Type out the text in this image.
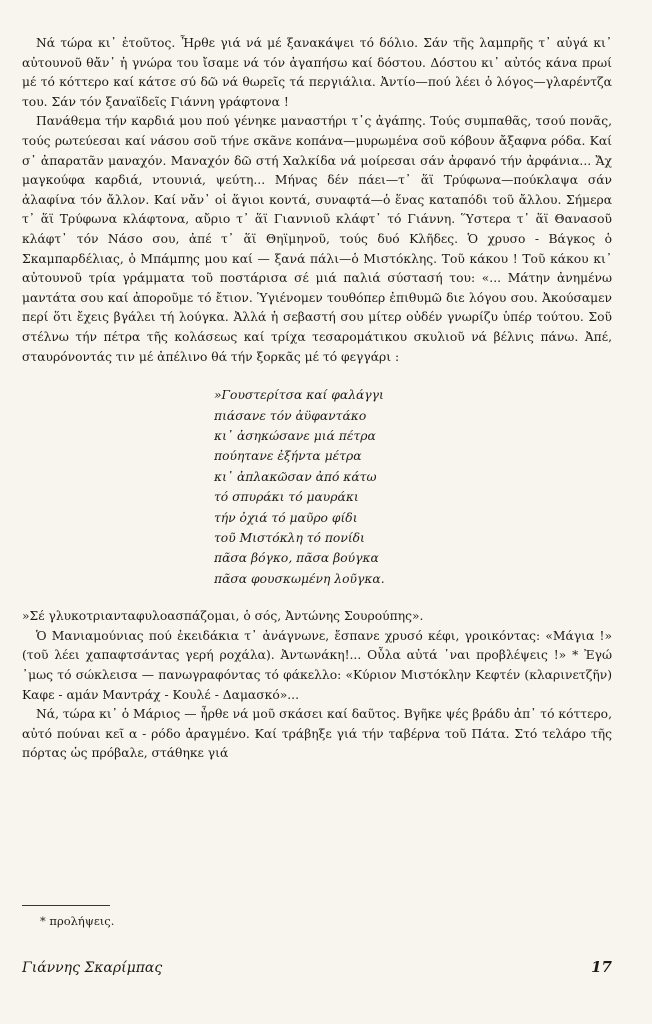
Νά τώρα κι᾿ ἐτοῦτος. Ἦρθε γιά νά μέ ξανακάψει τό δόλιο. Σάν τῆς λαμπρῆς τ᾿ αὐγά κι᾿ αὐτουνοῦ θἄν᾿ ἡ γνώρα του ἴσαμε νά τόν ἀγαπήσω καί δόστου. Δόστου κι᾿ αὐτός κάνα πρωί μέ τό κόττερο καί κάτσε σύ δῶ νά θωρεῖς τά περγιάλια. Ἀντίο—πού λέει ὁ λόγος—γλαρέντζα του. Σάν τόν ξαναϊδεῖς Γιάννη γράφτονα !

Πανάθεμα τήν καρδιά μου πού γένηκε μαναστήρι τ᾿ς ἀγάπης. Τούς συμπαθᾶς, τσού πονᾶς, τούς ρωτεύεσαι καί νάσου σοῦ τήνε σκᾶνε κοπάνα—μυρωμένα σοῦ κόβουν ἄξαφνα ρόδα. Καί σ᾿ ἀπαρατᾶν μαναχόν. Μαναχόν δῶ στή Χαλκίδα νά μοίρεσαι σάν ἀρφανό τήν ἀρφάνια... Ἄχ μαγκούφα καρδιά, ντουνιά, ψεύτη... Μήνας δέν πάει—τ᾿ ἅϊ Τρύφωνα—πούκλαψα σάν ἀλαφίνα τόν ἄλλον. Καί νἄν᾿ οἱ ἅγιοι κοντά, συναφτά—ὁ ἕνας καταπόδι τοῦ ἄλλου. Σήμερα τ᾿ ἅϊ Τρύφωνα κλάφτονα, αὔριο τ᾿ ἅϊ Γιαννιοῦ κλάφτ᾿ τό Γιάννη. Ὕστερα τ᾿ ἅϊ Θανασοῦ κλάφτ᾿ τόν Νάσο σου, ἀπέ τ᾿ ἅϊ Θηϊμηνοῦ, τούς δυό Κλῆδες. Ὁ χρυσο - Βάγκος ὁ Σκαμπαρδέλιας, ὁ Μπάμπης μου καί — ξανά πάλι—ὁ Μιστόκλης. Τοῦ κάκου ! Τοῦ κάκου κι᾿ αὐτουνοῦ τρία γράμματα τοῦ ποστάρισα σέ μιά παλιά σύστασή του: «... Μάτην ἀνημένω μαντάτα σου καί ἀποροῦμε τό ἔτιον. Ὑγιένομεν τουθόπερ ἐπιθυμῶ διε λόγου σου. Ἀκούσαμεν περί ὅτι ἔχεις βγάλει τή λούγκα. Ἀλλά ἡ σεβαστή σου μίτερ οὐδέν γνωρίζυ ὑπέρ τούτου. Σοῦ στέλνω τήν πέτρα τῆς κολάσεως καί τρίχα τεσαρομάτικου σκυλιοῦ νά βέλνις πάνω. Ἀπέ, σταυρόνοντάς τιν μέ ἀπέλινο θά τήν ξορκᾶς μέ τό φεγγάρι :

»Γουστερίτσα καί φαλάγγι
πιάσανε τόν ἀϋφαντάκο
κι᾿ ἀσηκώσανε μιά πέτρα
πούητανε ἐξήντα μέτρα
κι᾿ ἀπλακῶσαν ἀπό κάτω
τό σπυράκι τό μαυράκι
τήν ὀχιά τό μαῦρο φίδι
τοῦ Μιστόκλη τό πονίδι
πᾶσα βόγκο, πᾶσα βούγκα
πᾶσα φουσκωμένη λοῦγκα.

»Σέ γλυκοτριανταφυλοασπάζομαι, ὁ σός, Ἀντώνης Σουρούπης».

Ὁ Μανιαμούνιας πού ἐκειδάκια τ᾿ ἀνάγνωνε, ἔσπανε χρυσό κέφι, γροικόντας: «Μάγια !» (τοῦ λέει χαπαφτσάντας γερή ροχάλα). Ἀντωνάκη!... Οὖλα αὐτά ᾿ναι προβλέψεις !» * Ἐγώ ᾿μως τό σώκλεισα — πανωγραφόντας τό φάκελλο: «Κύριον Μιστόκλην Κεφτέν (κλαρινετζῆν) Καφε - αμάν Μαντράχ - Κουλέ - Δαμασκό»...

Νά, τώρα κι᾿ ὁ Μάριος — ἦρθε νά μοῦ σκάσει καί δαῦτος. Βγῆκε ψές βράδυ ἀπ᾿ τό κόττερο, αὐτό πούναι κεῖ α - ρόδο ἀραγμένο. Καί τράβηξε γιά τήν ταβέρνα τοῦ Πάτα. Στό τελάρο τῆς πόρτας ὡς πρόβαλε, στάθηκε γιά

* προλήψεις.
Γιάννης Σκαρίμπας	17
